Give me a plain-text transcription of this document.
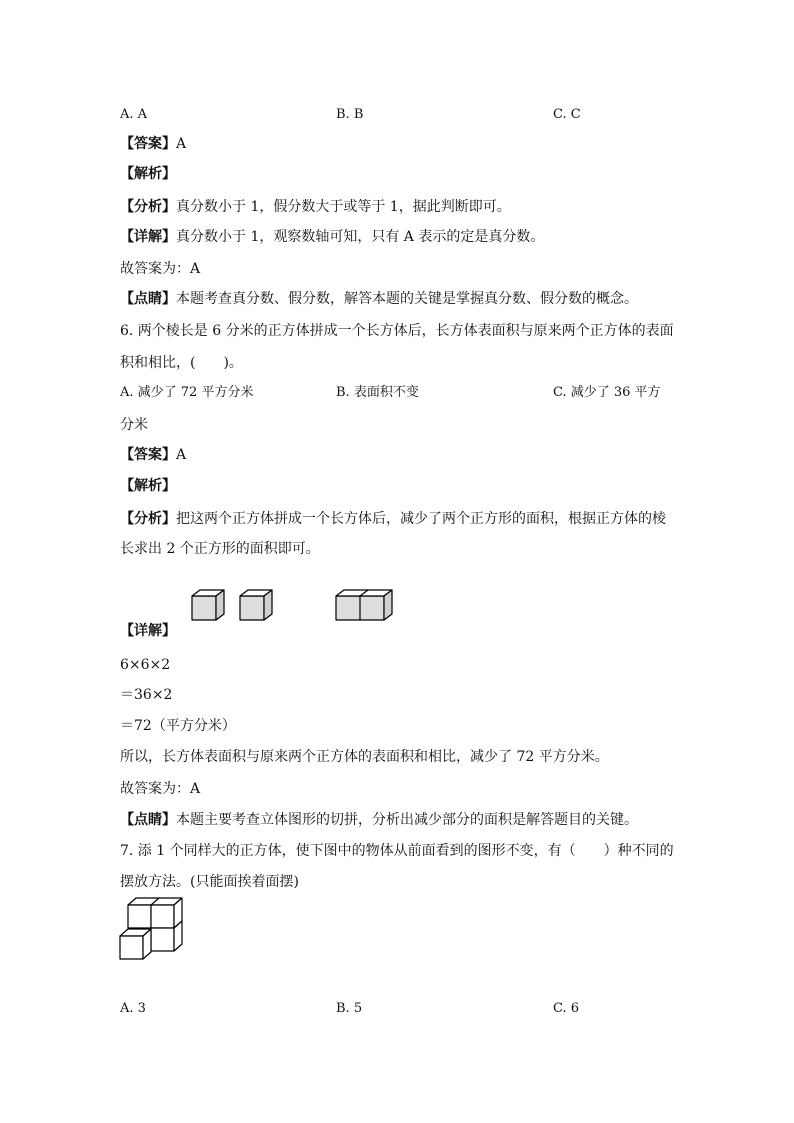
A. A	B. B	C. C
【答案】A
【解析】
【分析】真分数小于 1，假分数大于或等于 1，据此判断即可。
【详解】真分数小于 1，观察数轴可知，只有 A 表示的定是真分数。
故答案为：A
【点睛】本题考查真分数、假分数，解答本题的关键是掌握真分数、假分数的概念。
6. 两个棱长是 6 分米的正方体拼成一个长方体后，长方体表面积与原来两个正方体的表面
积和相比，(　　)。
A. 减少了 72 平方分米	B. 表面积不变	C. 减少了 36 平方
分米
【答案】A
【解析】
【分析】把这两个正方体拼成一个长方体后，减少了两个正方形的面积，根据正方体的棱
长求出 2 个正方形的面积即可。
【详解】
6×6×2
＝36×2
＝72（平方分米）
所以，长方体表面积与原来两个正方体的表面积和相比，减少了 72 平方分米。
故答案为：A
【点睛】本题主要考查立体图形的切拼，分析出减少部分的面积是解答题目的关键。
7. 添 1 个同样大的正方体，使下图中的物体从前面看到的图形不变，有（　　）种不同的
摆放方法。(只能面挨着面摆)
A. 3	B. 5	C. 6
